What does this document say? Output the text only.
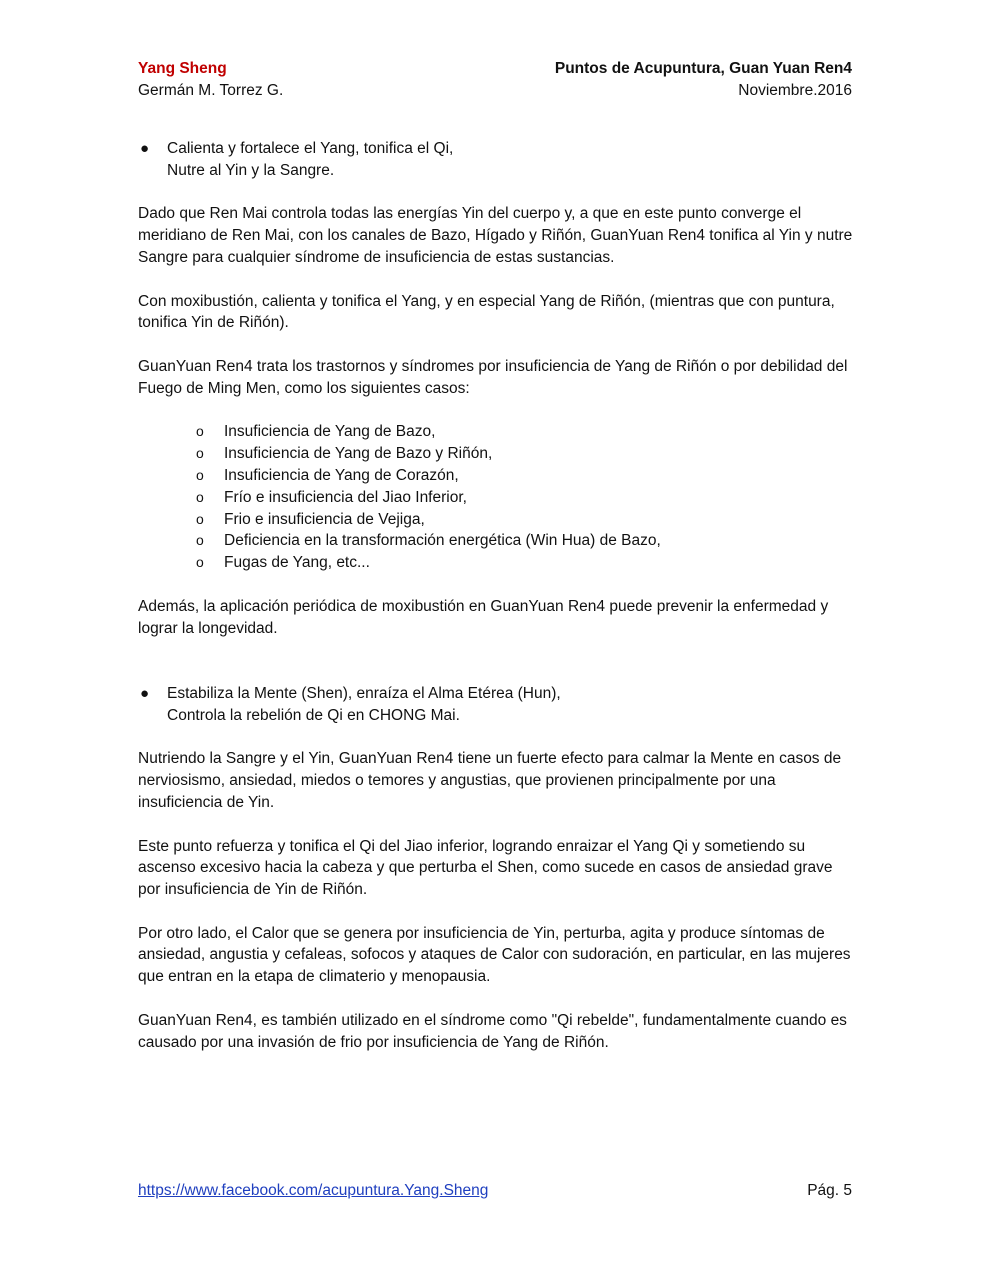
Yang Sheng	Puntos de Acupuntura, Guan Yuan Ren4
Germán M. Torrez G.	Noviembre.2016
● Calienta y fortalece el Yang, tonifica el Qi,

Nutre al Yin y la Sangre.

Dado que Ren Mai controla todas las energías Yin del cuerpo y, a que en este punto converge el meridiano de Ren Mai, con los canales de Bazo, Hígado y Riñón, GuanYuan Ren4 tonifica al Yin y nutre Sangre para cualquier síndrome de insuficiencia de estas sustancias.

Con moxibustión, calienta y tonifica el Yang, y en especial Yang de Riñón, (mientras que con puntura, tonifica Yin de Riñón).

GuanYuan Ren4 trata los trastornos y síndromes por insuficiencia de Yang de Riñón o por debilidad del Fuego de Ming Men, como los siguientes casos:

o Insuficiencia de Yang de Bazo,
o Insuficiencia de Yang de Bazo y Riñón,
o Insuficiencia de Yang de Corazón,
o Frío e insuficiencia del Jiao Inferior,
o Frio e insuficiencia de Vejiga,
o Deficiencia en la transformación energética (Win Hua) de Bazo,
o Fugas de Yang, etc...

Además, la aplicación periódica de moxibustión en GuanYuan Ren4 puede prevenir la enfermedad y lograr la longevidad.

● Estabiliza la Mente (Shen), enraíza el Alma Etérea (Hun),

Controla la rebelión de Qi en CHONG Mai.

Nutriendo la Sangre y el Yin, GuanYuan Ren4 tiene un fuerte efecto para calmar la Mente en casos de nerviosismo, ansiedad, miedos o temores y angustias, que provienen principalmente por una insuficiencia de Yin.

Este punto refuerza y tonifica el Qi del Jiao inferior, logrando enraizar el Yang Qi y sometiendo su ascenso excesivo hacia la cabeza y que perturba el Shen, como sucede en casos de ansiedad grave por insuficiencia de Yin de Riñón.

Por otro lado, el Calor que se genera por insuficiencia de Yin, perturba, agita y produce síntomas de ansiedad, angustia y cefaleas, sofocos y ataques de Calor con sudoración, en particular, en las mujeres que entran en la etapa de climaterio y menopausia.

GuanYuan Ren4, es también utilizado en el síndrome como "Qi rebelde", fundamentalmente cuando es causado por una invasión de frio por insuficiencia de Yang de Riñón.

https://www.facebook.com/acupuntura.Yang.Sheng	Pág. 5
